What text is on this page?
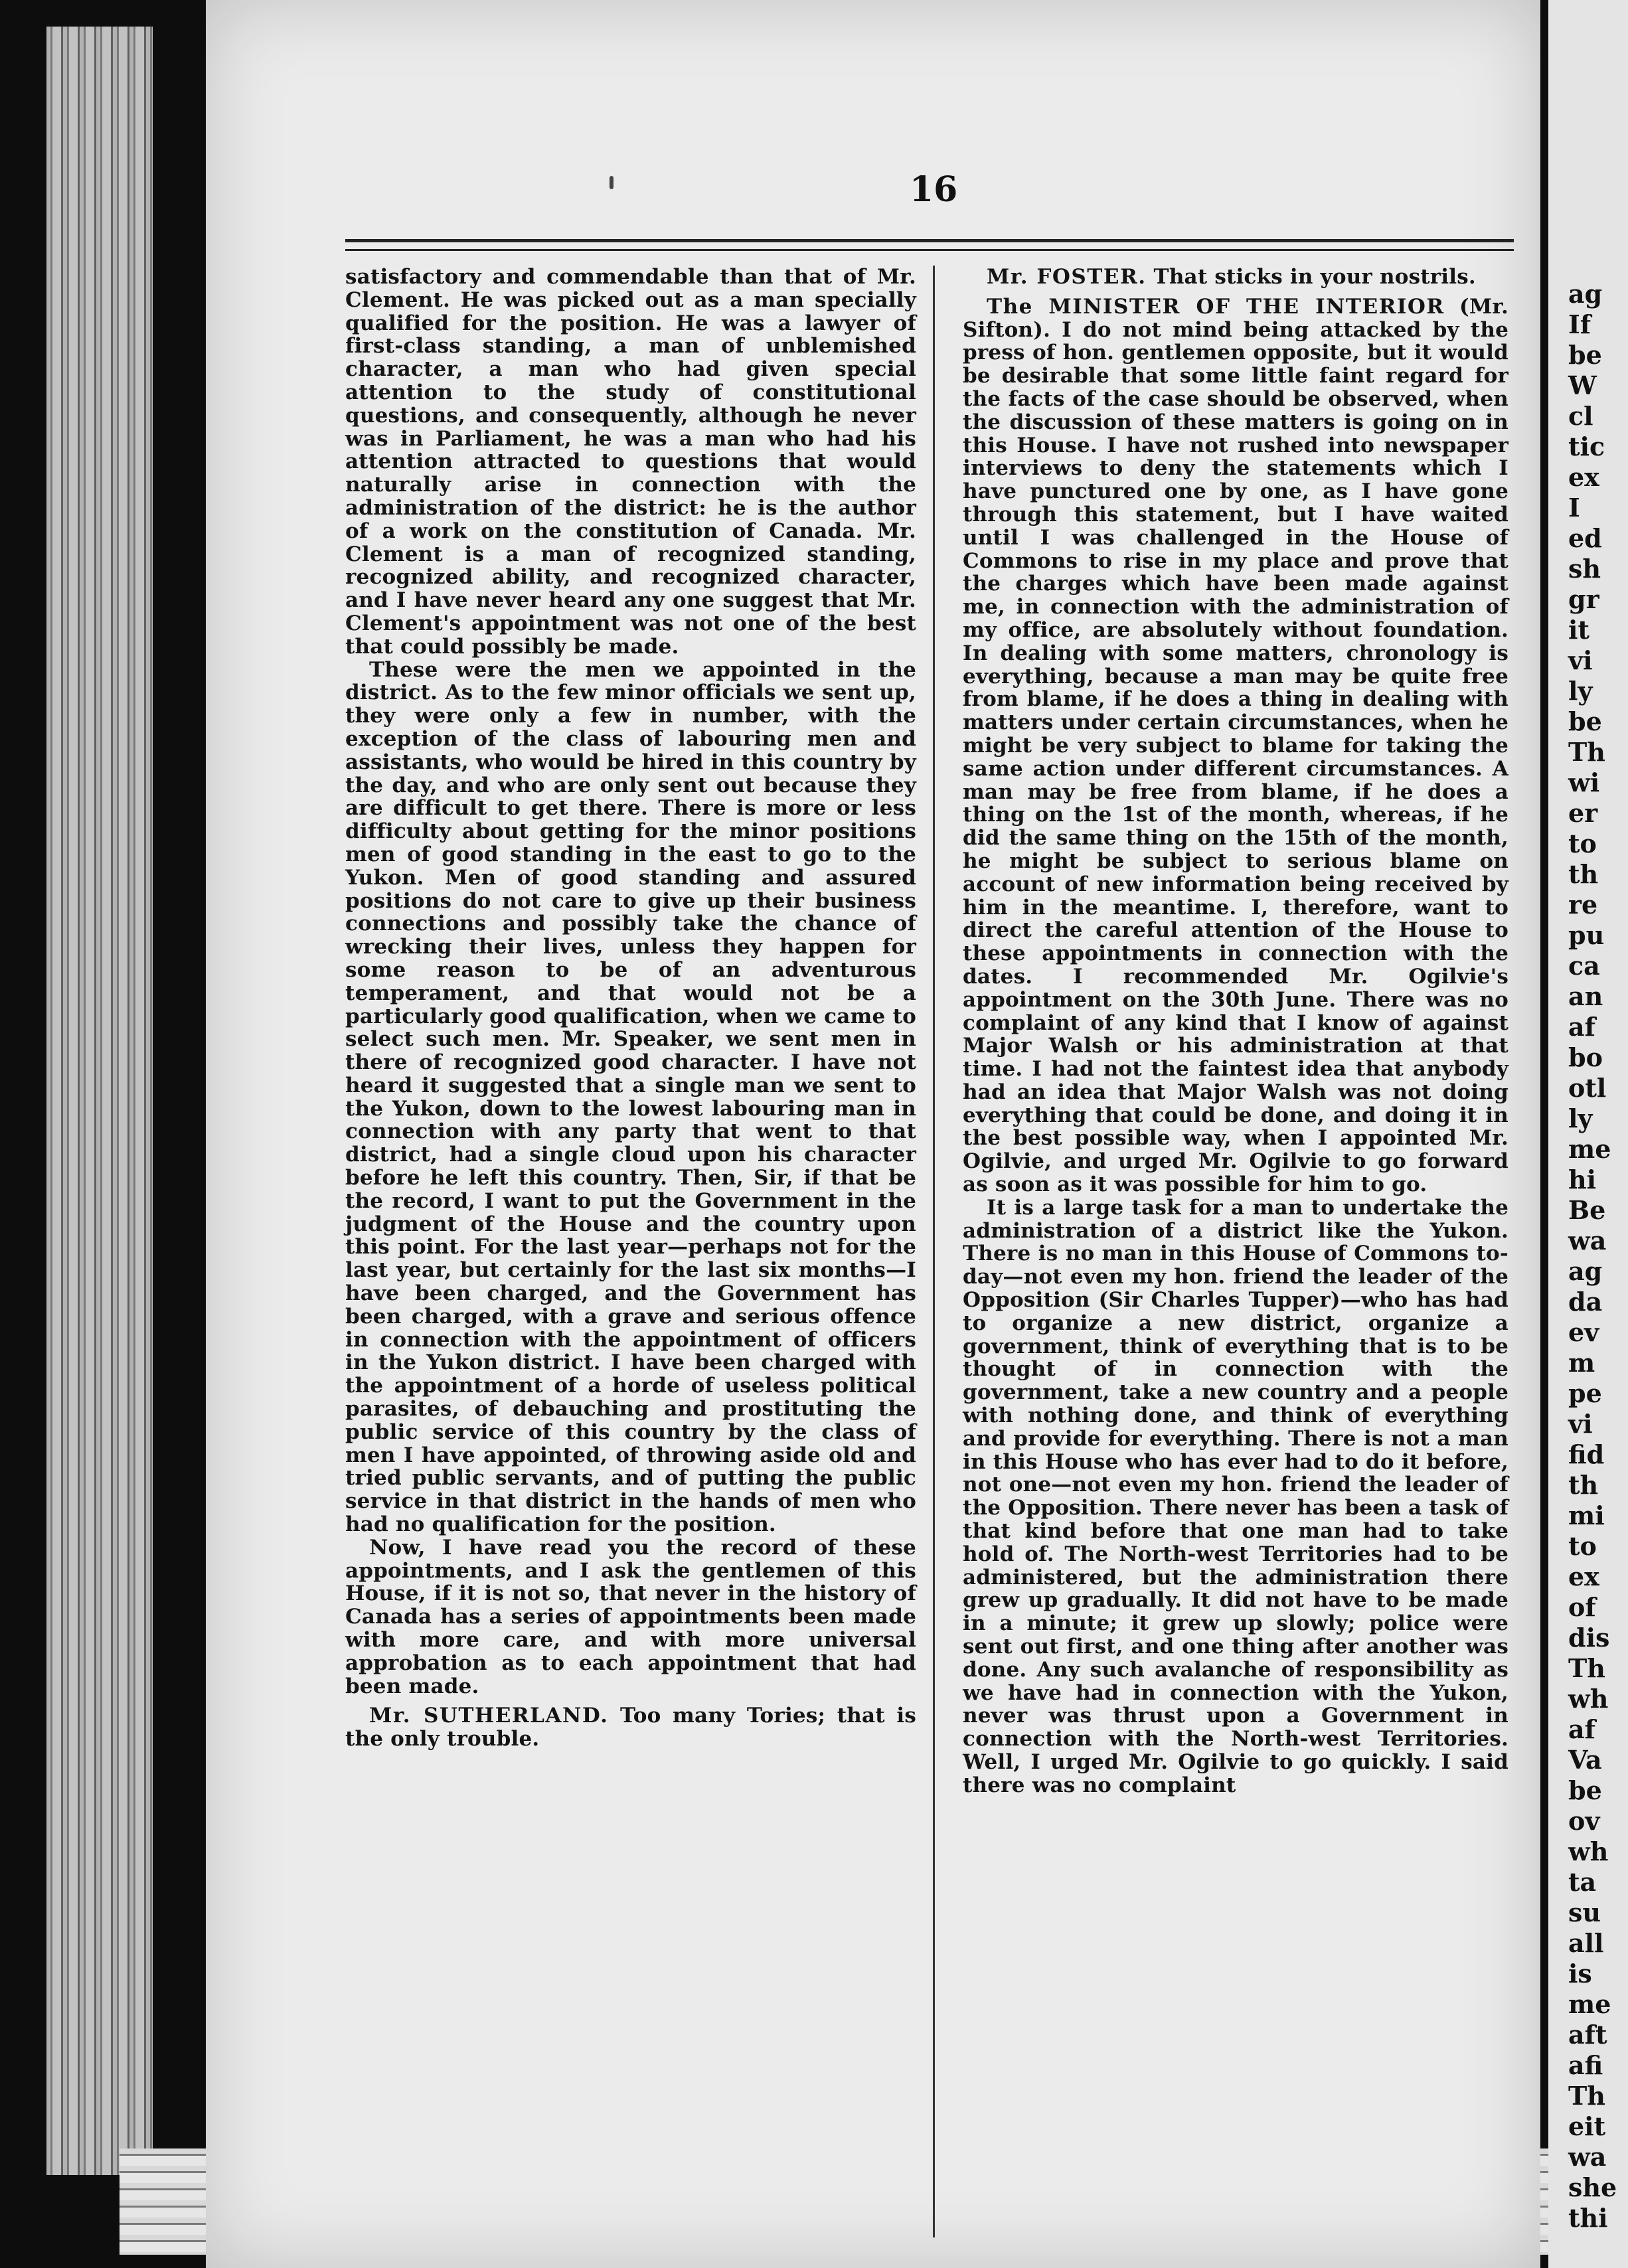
16

satisfactory and commendable than that of Mr. Clement. He was picked out as a man specially qualified for the position. He was a lawyer of first-class standing, a man of unblemished character, a man who had given special attention to the study of constitutional questions, and consequently, although he never was in Parliament, he was a man who had his attention attracted to questions that would naturally arise in connection with the administration of the district: he is the author of a work on the constitution of Canada. Mr. Clement is a man of recognized standing, recognized ability, and recognized character, and I have never heard any one suggest that Mr. Clement's appointment was not one of the best that could possibly be made.

These were the men we appointed in the district. As to the few minor officials we sent up, they were only a few in number, with the exception of the class of labouring men and assistants, who would be hired in this country by the day, and who are only sent out because they are difficult to get there. There is more or less difficulty about getting for the minor positions men of good standing in the east to go to the Yukon. Men of good standing and assured positions do not care to give up their business connections and possibly take the chance of wrecking their lives, unless they happen for some reason to be of an adventurous temperament, and that would not be a particularly good qualification, when we came to select such men. Mr. Speaker, we sent men in there of recognized good character. I have not heard it suggested that a single man we sent to the Yukon, down to the lowest labouring man in connection with any party that went to that district, had a single cloud upon his character before he left this country. Then, Sir, if that be the record, I want to put the Government in the judgment of the House and the country upon this point. For the last year—perhaps not for the last year, but certainly for the last six months—I have been charged, and the Government has been charged, with a grave and serious offence in connection with the appointment of officers in the Yukon district. I have been charged with the appointment of a horde of useless political parasites, of debauching and prostituting the public service of this country by the class of men I have appointed, of throwing aside old and tried public servants, and of putting the public service in that district in the hands of men who had no qualification for the position.

Now, I have read you the record of these appointments, and I ask the gentlemen of this House, if it is not so, that never in the history of Canada has a series of appointments been made with more care, and with more universal approbation as to each appointment that had been made.

Mr. SUTHERLAND. Too many Tories; that is the only trouble.

Mr. FOSTER. That sticks in your nostrils.

The MINISTER OF THE INTERIOR (Mr. Sifton). I do not mind being attacked by the press of hon. gentlemen opposite, but it would be desirable that some little faint regard for the facts of the case should be observed, when the discussion of these matters is going on in this House. I have not rushed into newspaper interviews to deny the statements which I have punctured one by one, as I have gone through this statement, but I have waited until I was challenged in the House of Commons to rise in my place and prove that the charges which have been made against me, in connection with the administration of my office, are absolutely without foundation. In dealing with some matters, chronology is everything, because a man may be quite free from blame, if he does a thing in dealing with matters under certain circumstances, when he might be very subject to blame for taking the same action under different circumstances. A man may be free from blame, if he does a thing on the 1st of the month, whereas, if he did the same thing on the 15th of the month, he might be subject to serious blame on account of new information being received by him in the meantime. I, therefore, want to direct the careful attention of the House to these appointments in connection with the dates. I recommended Mr. Ogilvie's appointment on the 30th June. There was no complaint of any kind that I know of against Major Walsh or his administration at that time. I had not the faintest idea that anybody had an idea that Major Walsh was not doing everything that could be done, and doing it in the best possible way, when I appointed Mr. Ogilvie, and urged Mr. Ogilvie to go forward as soon as it was possible for him to go.

It is a large task for a man to undertake the administration of a district like the Yukon. There is no man in this House of Commons to-day—not even my hon. friend the leader of the Opposition (Sir Charles Tupper)—who has had to organize a new district, organize a government, think of everything that is to be thought of in connection with the government, take a new country and a people with nothing done, and think of everything and provide for everything. There is not a man in this House who has ever had to do it before, not one—not even my hon. friend the leader of the Opposition. There never has been a task of that kind before that one man had to take hold of. The North-west Territories had to be administered, but the administration there grew up gradually. It did not have to be made in a minute; it grew up slowly; police were sent out first, and one thing after another was done. Any such avalanche of responsibility as we have had in connection with the Yukon, never was thrust upon a Government in connection with the North-west Territories. Well, I urged Mr. Ogilvie to go quickly. I said there was no complaint

ag
If
be
W
cl
tic
ex
I
ed
sh
gr
it
vi
ly
be
Th
wi
er
to
th
re
pu
ca
an
af
bo
otl
ly
me
hi
Be
wa
ag
da
ev
m
pe
vi
fid
th
mi
to
ex
of
dis
Th
wh
af
Va
be
ov
wh
ta
su
all
is
me
aft
afi
Th
eit
wa
she
thi
